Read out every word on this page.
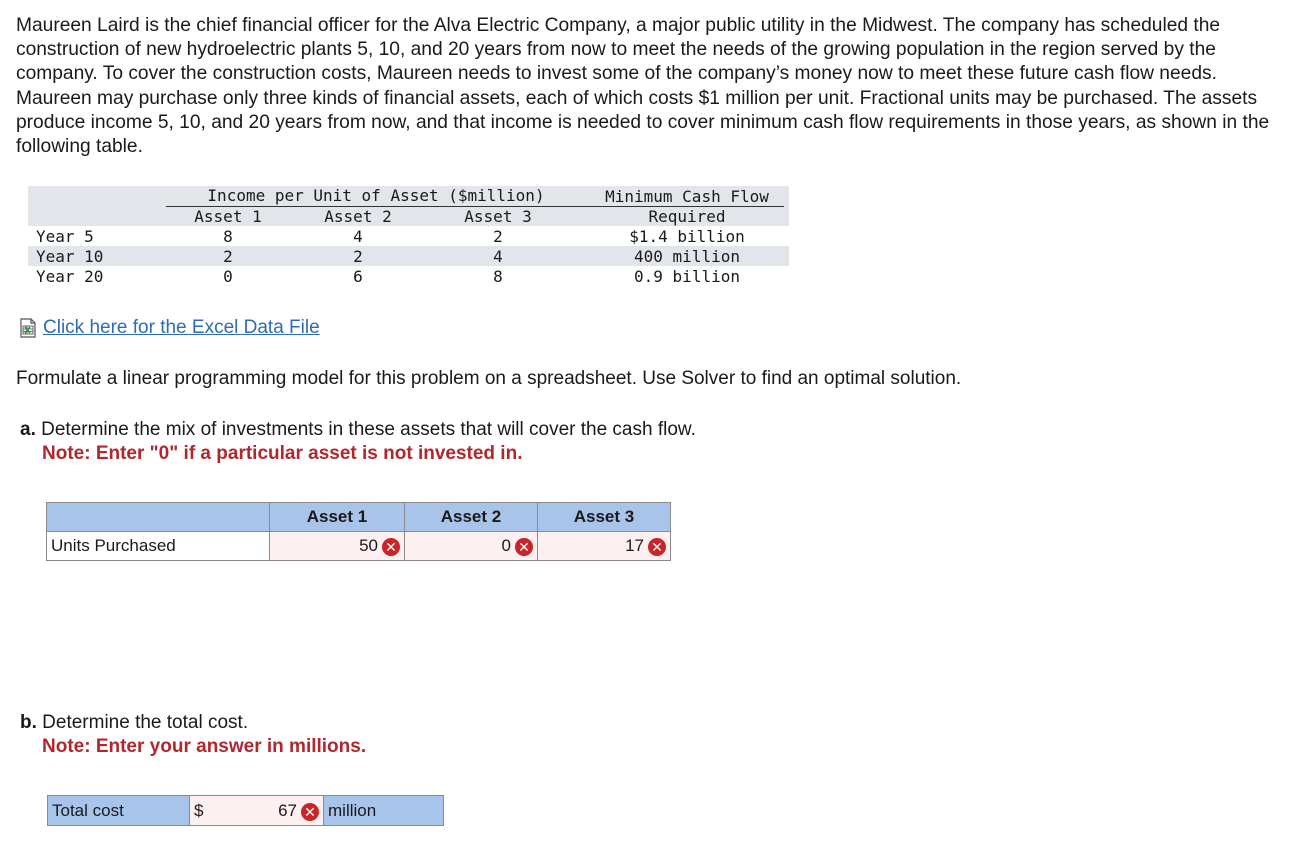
Maureen Laird is the chief financial officer for the Alva Electric Company, a major public utility in the Midwest. The company has scheduled the construction of new hydroelectric plants 5, 10, and 20 years from now to meet the needs of the growing population in the region served by the company. To cover the construction costs, Maureen needs to invest some of the company’s money now to meet these future cash flow needs. Maureen may purchase only three kinds of financial assets, each of which costs $1 million per unit. Fractional units may be purchased. The assets produce income 5, 10, and 20 years from now, and that income is needed to cover minimum cash flow requirements in those years, as shown in the following table.

Income per Unit of Asset ($million)	Minimum Cash Flow
Required
Asset 1	Asset 2	Asset 3
Year 5	8	4	2	$1.4 billion
Year 10	2	2	4	400 million
Year 20	0	6	8	0.9 billion
Click here for the Excel Data File

Formulate a linear programming model for this problem on a spreadsheet. Use Solver to find an optimal solution.

a. Determine the mix of investments in these assets that will cover the cash flow.

Note: Enter "0" if a particular asset is not invested in.
	Asset 1	Asset 2	Asset 3
Units Purchased	50 ✕	0 ✕	17 ✕

b. Determine the total cost.

Note: Enter your answer in millions.
Total cost	$	67 ✕ million
